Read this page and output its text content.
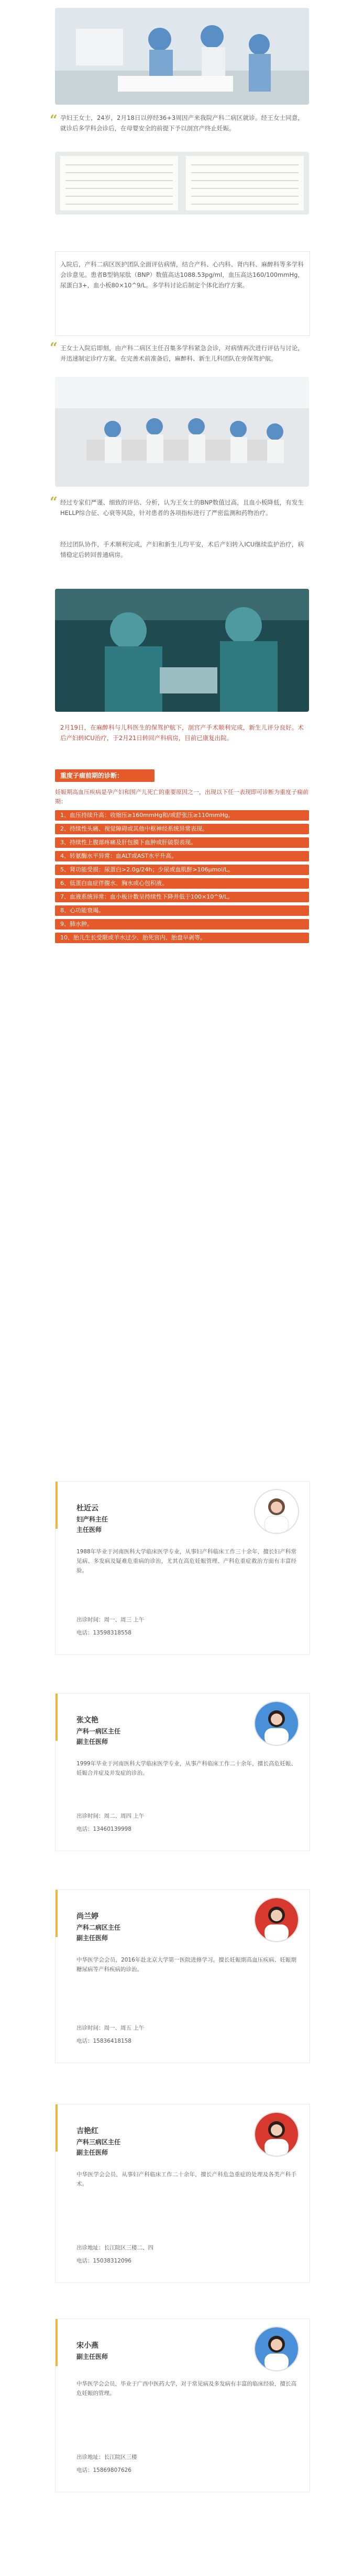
“ 孕妇王女士，24岁，2月18日以停经36+3周因产来我院产科二病区就诊。经王女士同意，就诊后多学科会诊后，在母婴安全的前提下予以剖宫产终止妊娠。
入院后，产科二病区医护团队全面评估病情，结合产科、心内科、肾内科、麻醉科等多学科会诊意见。患者B型钠尿肽（BNP）数值高达1088.53pg/ml，血压高达160/100mmHg，尿蛋白3+，血小板80×10^9/L。多学科讨论后制定个体化治疗方案。
“ 王女士入院后即刻，由产科二病区主任召集多学科紧急会诊，对病情再次进行评估与讨论，并迅速制定诊疗方案。在完善术前准备后，麻醉科、新生儿科团队在旁保驾护航。
“ 经过专家们严谨、细致的评估、分析，认为王女士的BNP数值过高，且血小板降低，有发生HELLP综合征、心衰等风险，针对患者的各项指标进行了严密监测和药物治疗。
经过团队协作，手术顺利完成，产妇和新生儿均平安，术后产妇转入ICU继续监护治疗，病情稳定后转回普通病房。
2月19日，在麻醉科与儿科医生的保驾护航下，剖宫产手术顺利完成，新生儿评分良好。术后产妇转ICU治疗，于2月21日转回产科病房，目前已康复出院。
重度子痫前期的诊断：
妊娠期高血压疾病是孕产妇和围产儿死亡的重要原因之一，出现以下任一表现即可诊断为重度子痫前期：
1、血压持续升高：收缩压≥160mmHg和/或舒张压≥110mmHg。
2、持续性头痛、视觉障碍或其他中枢神经系统异常表现。
3、持续性上腹部疼痛及肝包膜下血肿或肝破裂表现。
4、转氨酶水平异常：血ALT或AST水平升高。
5、肾功能受损：尿蛋白>2.0g/24h；少尿或血肌酐>106μmol/L。
6、低蛋白血症伴腹水、胸水或心包积液。
7、血液系统异常：血小板计数呈持续性下降并低于100×10^9/L。
8、心功能衰竭。
9、肺水肿。
10、胎儿生长受限或羊水过少、胎死宫内、胎盘早剥等。
杜近云
妇产科主任
主任医师
1988年毕业于河南医科大学临床医学专业，从事妇产科临床工作三十余年，擅长妇产科常见病、多发病及疑难危重病的诊治，尤其在高危妊娠管理、产科危重症救治方面有丰富经验。
出诊时间：周一、周三 上午
电话：13598318558
张文艳
产科一病区主任
副主任医师
1999年毕业于河南医科大学临床医学专业，从事产科临床工作二十余年，擅长高危妊娠、妊娠合并症及并发症的诊治。
出诊时间：周二、周四 上午
电话：13460139998
尚兰婷
产科二病区主任
副主任医师
中华医学会会员，2016年赴北京大学第一医院进修学习。擅长妊娠期高血压疾病、妊娠期糖尿病等产科疾病的诊治。
出诊时间：周一、周五 上午
电话：15836418158
吉艳红
产科三病区主任
副主任医师
中华医学会会员，从事妇产科临床工作二十余年，擅长产科危急重症的处理及各类产科手术。
出诊地址：长江院区三楼二、四
电话：15038312096
宋小燕
副主任医师
中华医学会会员，毕业于广西中医药大学，对于常见病及多发病有丰富的临床经验，擅长高危妊娠的管理。
出诊地址：长江院区三楼
电话：15869807626
